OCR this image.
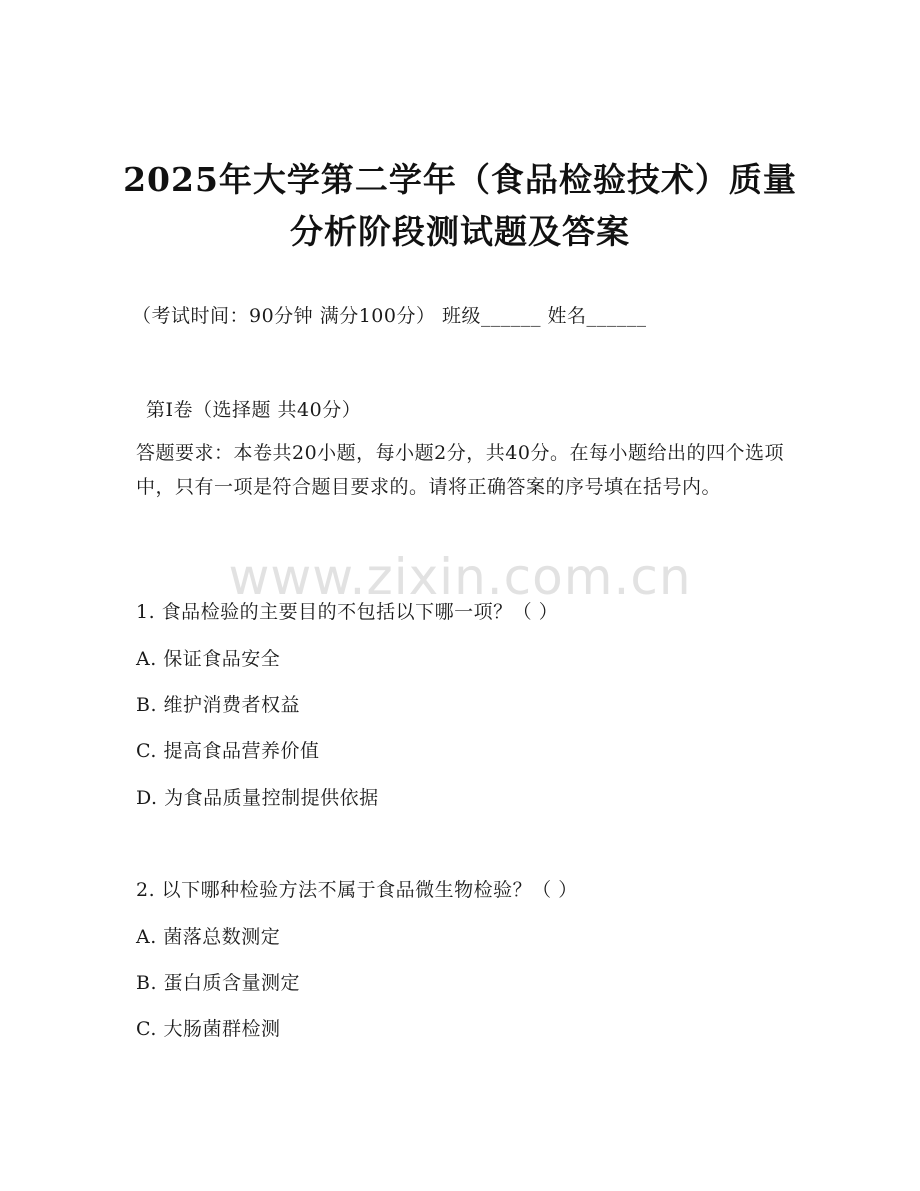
2025年大学第二学年（食品检验技术）质量
分析阶段测试题及答案
（考试时间：90分钟 满分100分） 班级______ 姓名______
第I卷（选择题 共40分）
答题要求：本卷共20小题，每小题2分，共40分。在每小题给出的四个选项中，只有一项是符合题目要求的。请将正确答案的序号填在括号内。
www.zixin.com.cn
1. 食品检验的主要目的不包括以下哪一项？（ ）
A. 保证食品安全
B. 维护消费者权益
C. 提高食品营养价值
D. 为食品质量控制提供依据
2. 以下哪种检验方法不属于食品微生物检验？（ ）
A. 菌落总数测定
B. 蛋白质含量测定
C. 大肠菌群检测
